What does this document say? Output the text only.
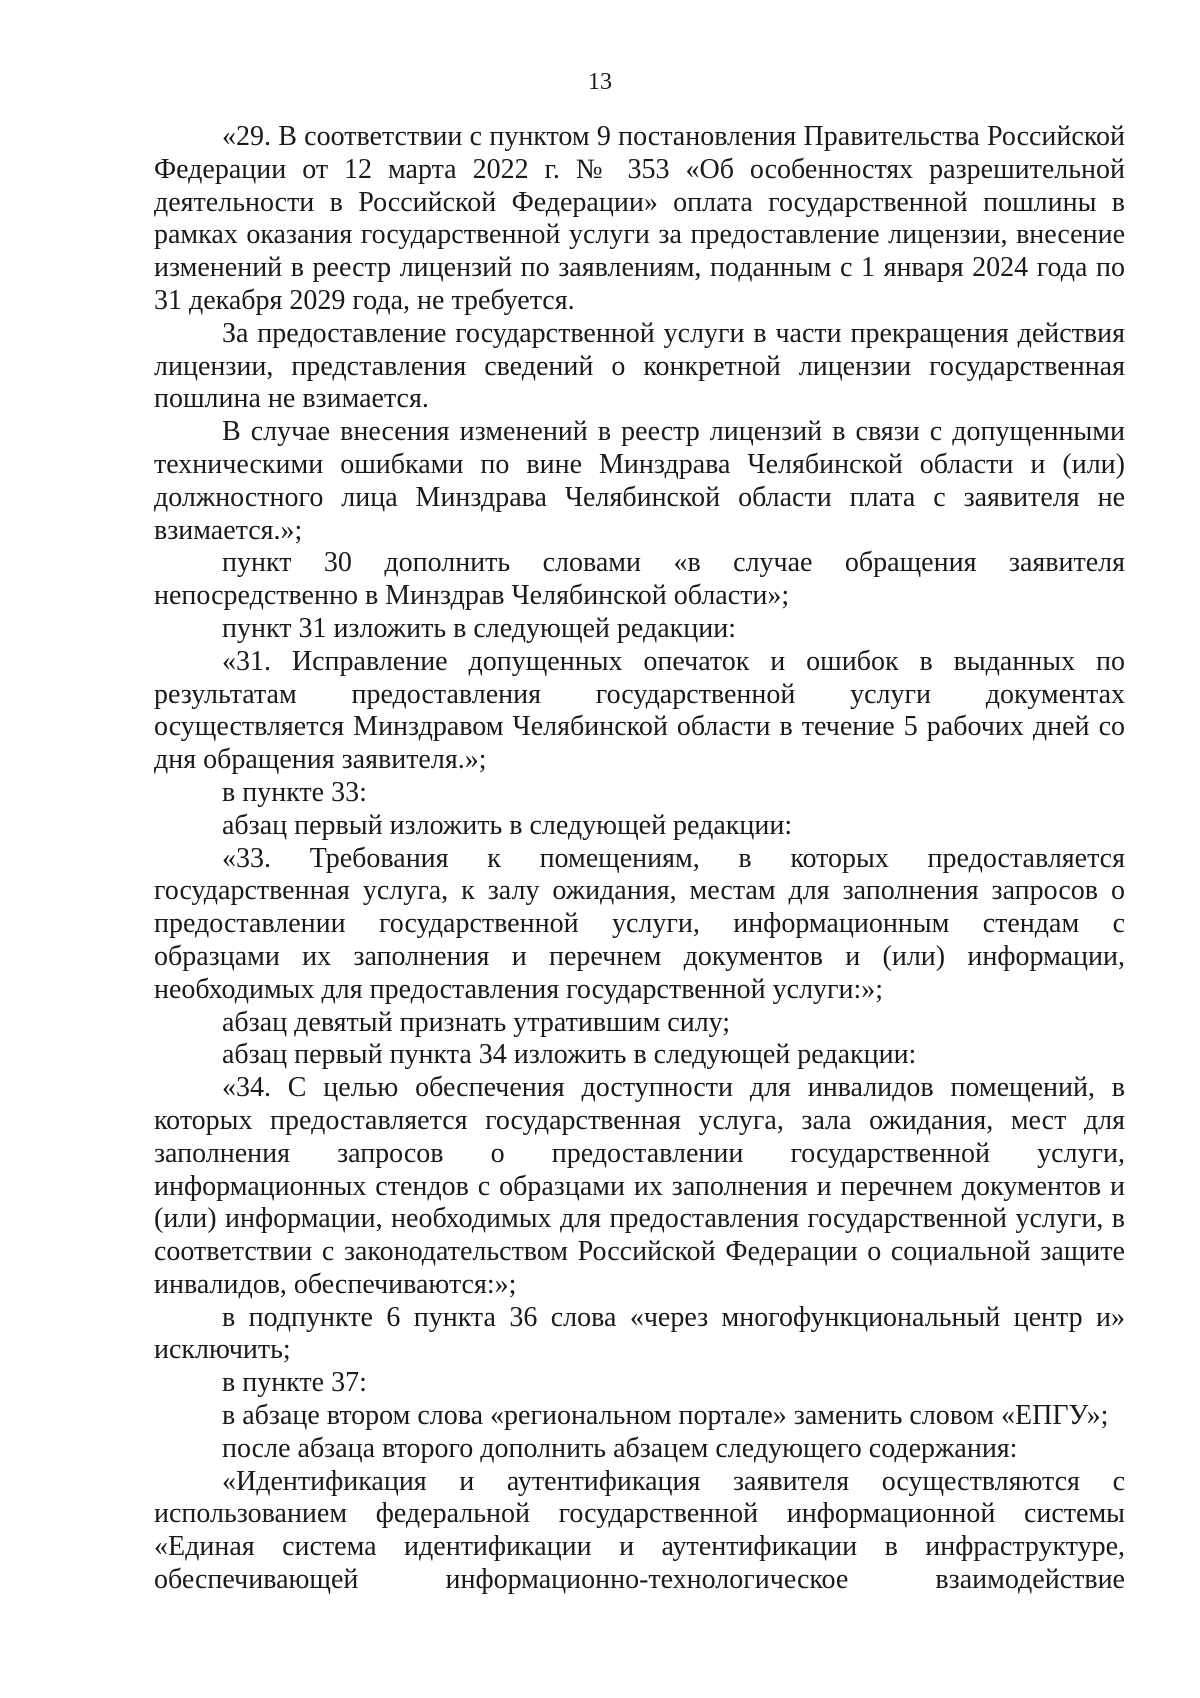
13

«29. В соответствии с пунктом 9 постановления Правительства Российской Федерации от 12 марта 2022 г. № 353 «Об особенностях разрешительной деятельности в Российской Федерации» оплата государственной пошлины в рамках оказания государственной услуги за предоставление лицензии, внесение изменений в реестр лицензий по заявлениям, поданным с 1 января 2024 года по 31 декабря 2029 года, не требуется.

За предоставление государственной услуги в части прекращения действия лицензии, представления сведений о конкретной лицензии государственная пошлина не взимается.

В случае внесения изменений в реестр лицензий в связи с допущенными техническими ошибками по вине Минздрава Челябинской области и (или) должностного лица Минздрава Челябинской области плата с заявителя не взимается.»;

пункт 30 дополнить словами «в случае обращения заявителя непосредственно в Минздрав Челябинской области»;

пункт 31 изложить в следующей редакции:

«31. Исправление допущенных опечаток и ошибок в выданных по результатам предоставления государственной услуги документах осуществляется Минздравом Челябинской области в течение 5 рабочих дней со дня обращения заявителя.»;

в пункте 33:

абзац первый изложить в следующей редакции:

«33. Требования к помещениям, в которых предоставляется государственная услуга, к залу ожидания, местам для заполнения запросов о предоставлении государственной услуги, информационным стендам с образцами их заполнения и перечнем документов и (или) информации, необходимых для предоставления государственной услуги:»;

абзац девятый признать утратившим силу;

абзац первый пункта 34 изложить в следующей редакции:

«34. С целью обеспечения доступности для инвалидов помещений, в которых предоставляется государственная услуга, зала ожидания, мест для заполнения запросов о предоставлении государственной услуги, информационных стендов с образцами их заполнения и перечнем документов и (или) информации, необходимых для предоставления государственной услуги, в соответствии с законодательством Российской Федерации о социальной защите инвалидов, обеспечиваются:»;

в подпункте 6 пункта 36 слова «через многофункциональный центр и» исключить;

в пункте 37:

в абзаце втором слова «региональном портале» заменить словом «ЕПГУ»;

после абзаца второго дополнить абзацем следующего содержания:

«Идентификация и аутентификация заявителя осуществляются с использованием федеральной государственной информационной системы «Единая система идентификации и аутентификации в инфраструктуре, обеспечивающей информационно-технологическое взаимодействие
